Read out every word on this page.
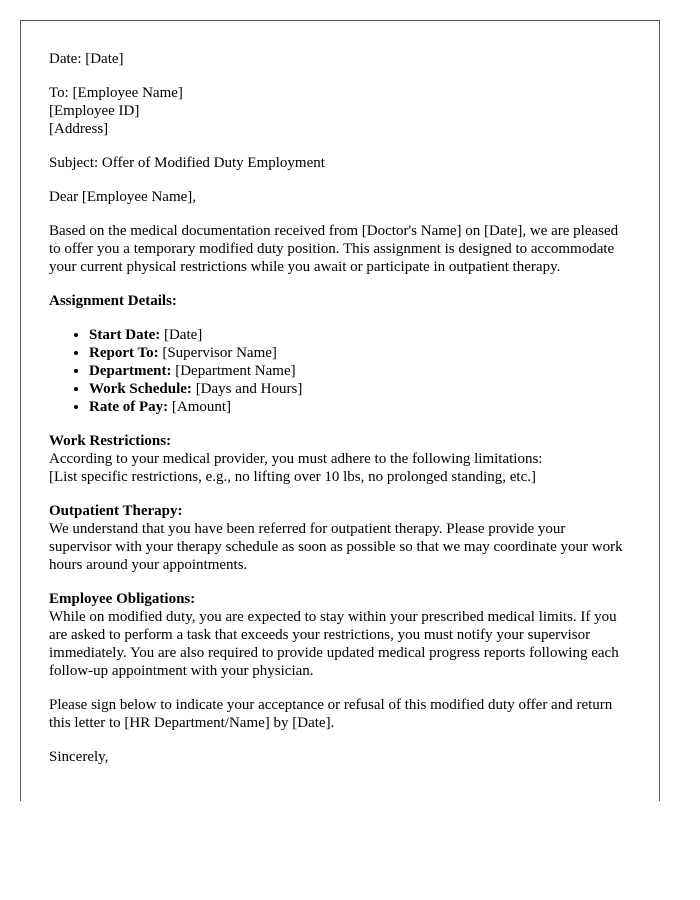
Date: [Date]

To: [Employee Name]
[Employee ID]
[Address]

Subject: Offer of Modified Duty Employment

Dear [Employee Name],

Based on the medical documentation received from [Doctor's Name] on [Date], we are pleased to offer you a temporary modified duty position. This assignment is designed to accommodate your current physical restrictions while you await or participate in outpatient therapy.

Assignment Details:

• Start Date: [Date]
• Report To: [Supervisor Name]
• Department: [Department Name]
• Work Schedule: [Days and Hours]
• Rate of Pay: [Amount]
Work Restrictions:
According to your medical provider, you must adhere to the following limitations:
[List specific restrictions, e.g., no lifting over 10 lbs, no prolonged standing, etc.]
Outpatient Therapy:
We understand that you have been referred for outpatient therapy. Please provide your supervisor with your therapy schedule as soon as possible so that we may coordinate your work hours around your appointments.
Employee Obligations:
While on modified duty, you are expected to stay within your prescribed medical limits. If you are asked to perform a task that exceeds your restrictions, you must notify your supervisor immediately. You are also required to provide updated medical progress reports following each follow-up appointment with your physician.

Please sign below to indicate your acceptance or refusal of this modified duty offer and return this letter to [HR Department/Name] by [Date].

Sincerely,
